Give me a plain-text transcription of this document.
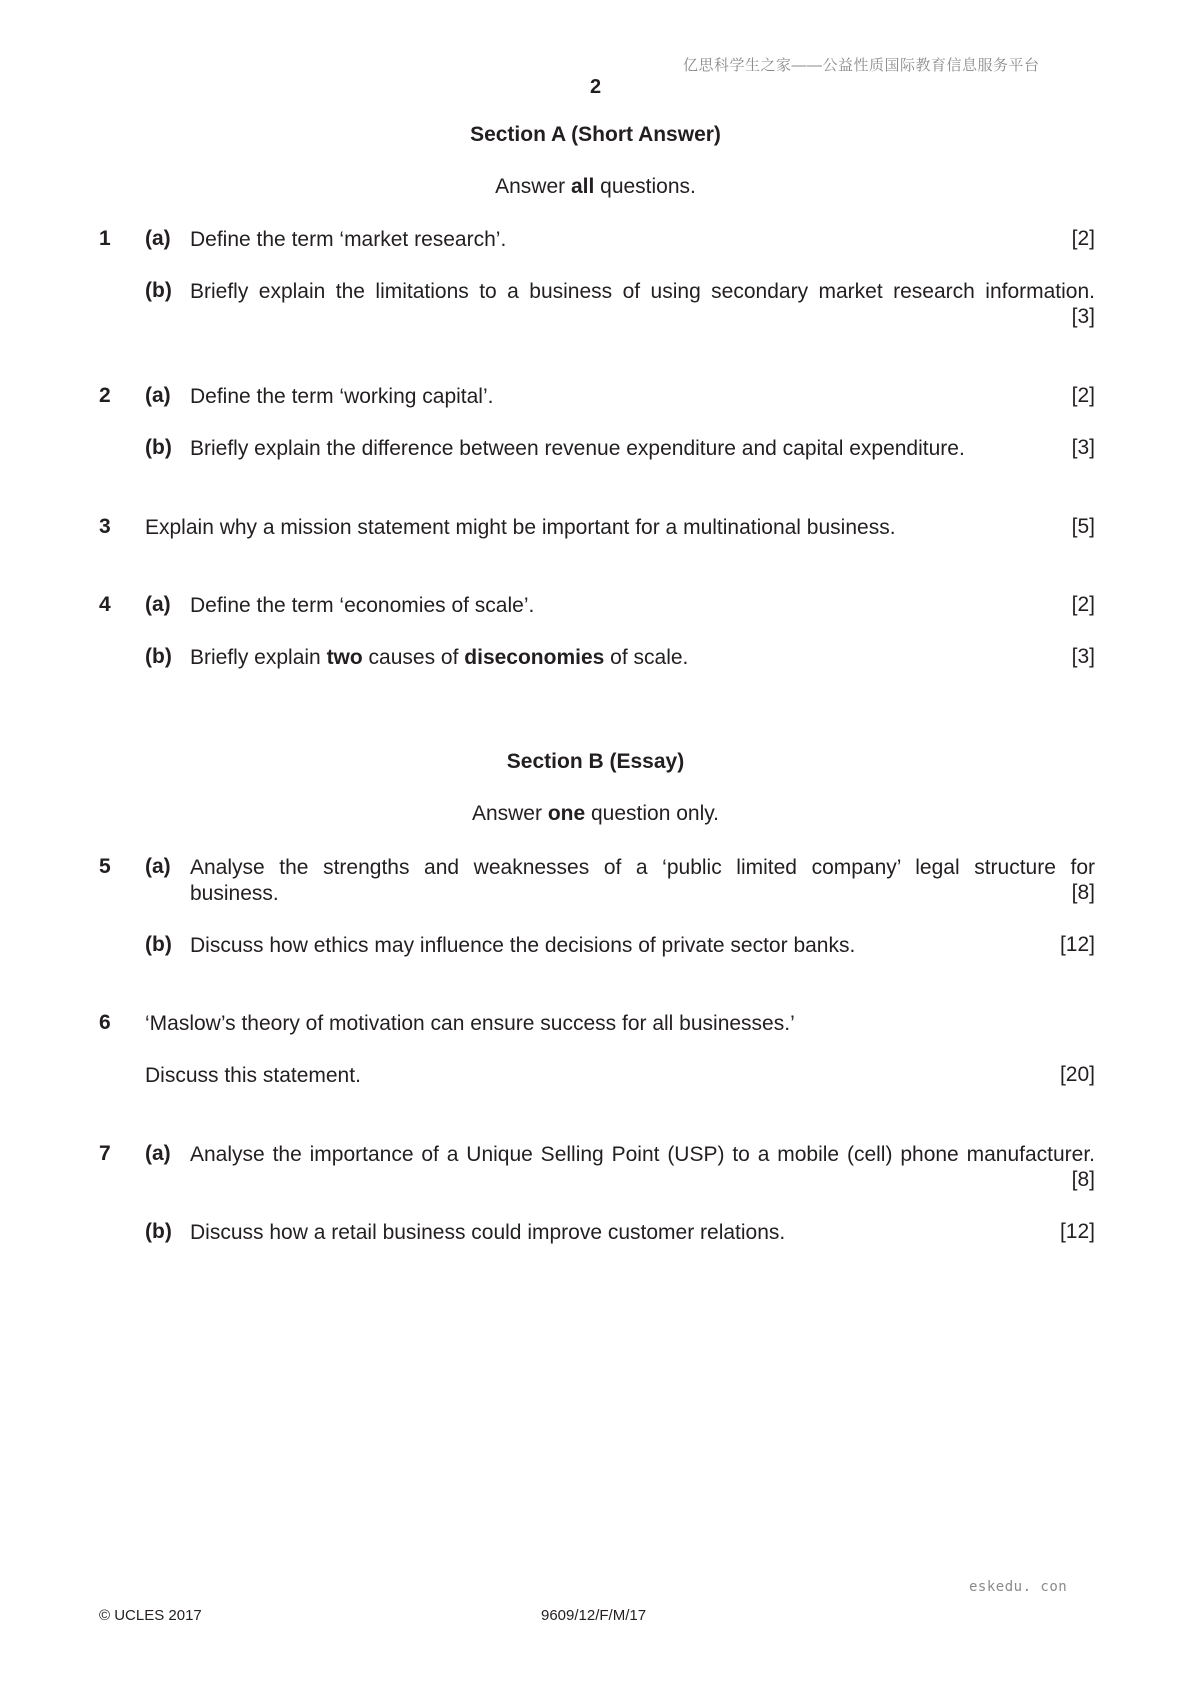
亿思科学生之家——公益性质国际教育信息服务平台
2
Section A (Short Answer)
Answer all questions.
1 (a) Define the term ‘market research’.	[2]
(b) Briefly explain the limitations to a business of using secondary market research information.
[3]
2 (a) Define the term ‘working capital’.	[2]
(b) Briefly explain the difference between revenue expenditure and capital expenditure.	[3]
3 Explain why a mission statement might be important for a multinational business.	[5]
4 (a) Define the term ‘economies of scale’.	[2]
(b) Briefly explain two causes of diseconomies of scale.	[3]
Section B (Essay)
Answer one question only.
5 (a) Analyse the strengths and weaknesses of a ‘public limited company’ legal structure for
business.	[8]
(b) Discuss how ethics may influence the decisions of private sector banks.	[12]
6 ‘Maslow’s theory of motivation can ensure success for all businesses.’
Discuss this statement.	[20]
7 (a) Analyse the importance of a Unique Selling Point (USP) to a mobile (cell) phone manufacturer.
[8]
(b) Discuss how a retail business could improve customer relations.	[12]
eskedu. con
© UCLES 2017	9609/12/F/M/17
